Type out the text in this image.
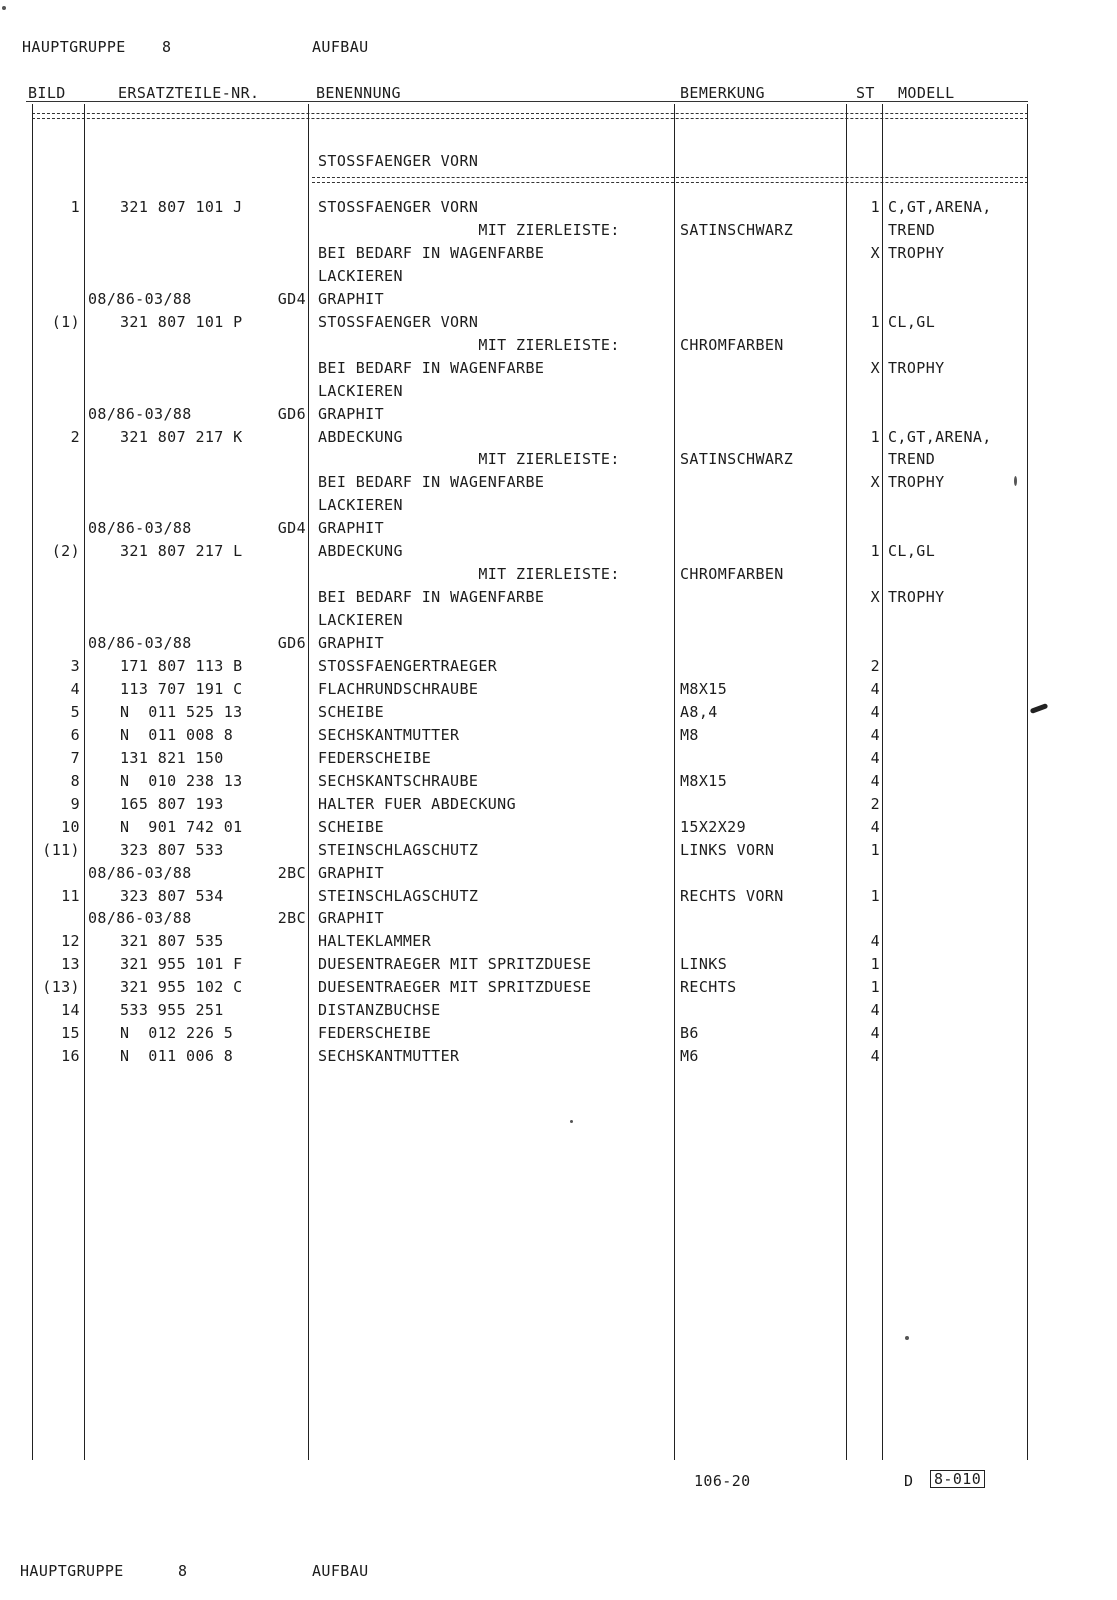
HAUPTGRUPPE 8	AUFBAU
BILD	ERSATZTEILE-NR.	BENENNUNG	BEMERKUNG	ST MODELL
STOSSFAENGER VORN
1	321 807 101 J	STOSSFAENGER VORN	1 C,GT,ARENA,
MIT ZIERLEISTE:	SATINSCHWARZ	TREND
BEI BEDARF IN WAGENFARBE	X TROPHY
LACKIEREN
08/86-03/88	GD4 GRAPHIT
(1)	321 807 101 P	STOSSFAENGER VORN	1 CL,GL
MIT ZIERLEISTE:	CHROMFARBEN
BEI BEDARF IN WAGENFARBE	X TROPHY
LACKIEREN
08/86-03/88	GD6 GRAPHIT
2	321 807 217 K	ABDECKUNG	1 C,GT,ARENA,
MIT ZIERLEISTE:	SATINSCHWARZ	TREND
BEI BEDARF IN WAGENFARBE	X TROPHY
LACKIEREN
08/86-03/88	GD4 GRAPHIT
(2)	321 807 217 L	ABDECKUNG	1 CL,GL
MIT ZIERLEISTE:	CHROMFARBEN
BEI BEDARF IN WAGENFARBE	X TROPHY
LACKIEREN
08/86-03/88	GD6 GRAPHIT
3	171 807 113 B	STOSSFAENGERTRAEGER	2
4	113 707 191 C	FLACHRUNDSCHRAUBE	M8X15	4
5	N  011 525 13	SCHEIBE	A8,4	4
6	N  011 008 8	SECHSKANTMUTTER	M8	4
7	131 821 150	FEDERSCHEIBE	4
8	N  010 238 13	SECHSKANTSCHRAUBE	M8X15	4
9	165 807 193	HALTER FUER ABDECKUNG	2
10	N  901 742 01	SCHEIBE	15X2X29	4
(11)	323 807 533	STEINSCHLAGSCHUTZ	LINKS VORN	1
08/86-03/88	2BC GRAPHIT
11	323 807 534	STEINSCHLAGSCHUTZ	RECHTS VORN	1
08/86-03/88	2BC GRAPHIT
12	321 807 535	HALTEKLAMMER	4
13	321 955 101 F	DUESENTRAEGER MIT SPRITZDUESE	LINKS	1
(13)	321 955 102 C	DUESENTRAEGER MIT SPRITZDUESE	RECHTS	1
14	533 955 251	DISTANZBUCHSE	4
15	N  012 226 5	FEDERSCHEIBE	B6	4
16	N  011 006 8	SECHSKANTMUTTER	M6	4
106-20	D 8-010
HAUPTGRUPPE	8	AUFBAU
